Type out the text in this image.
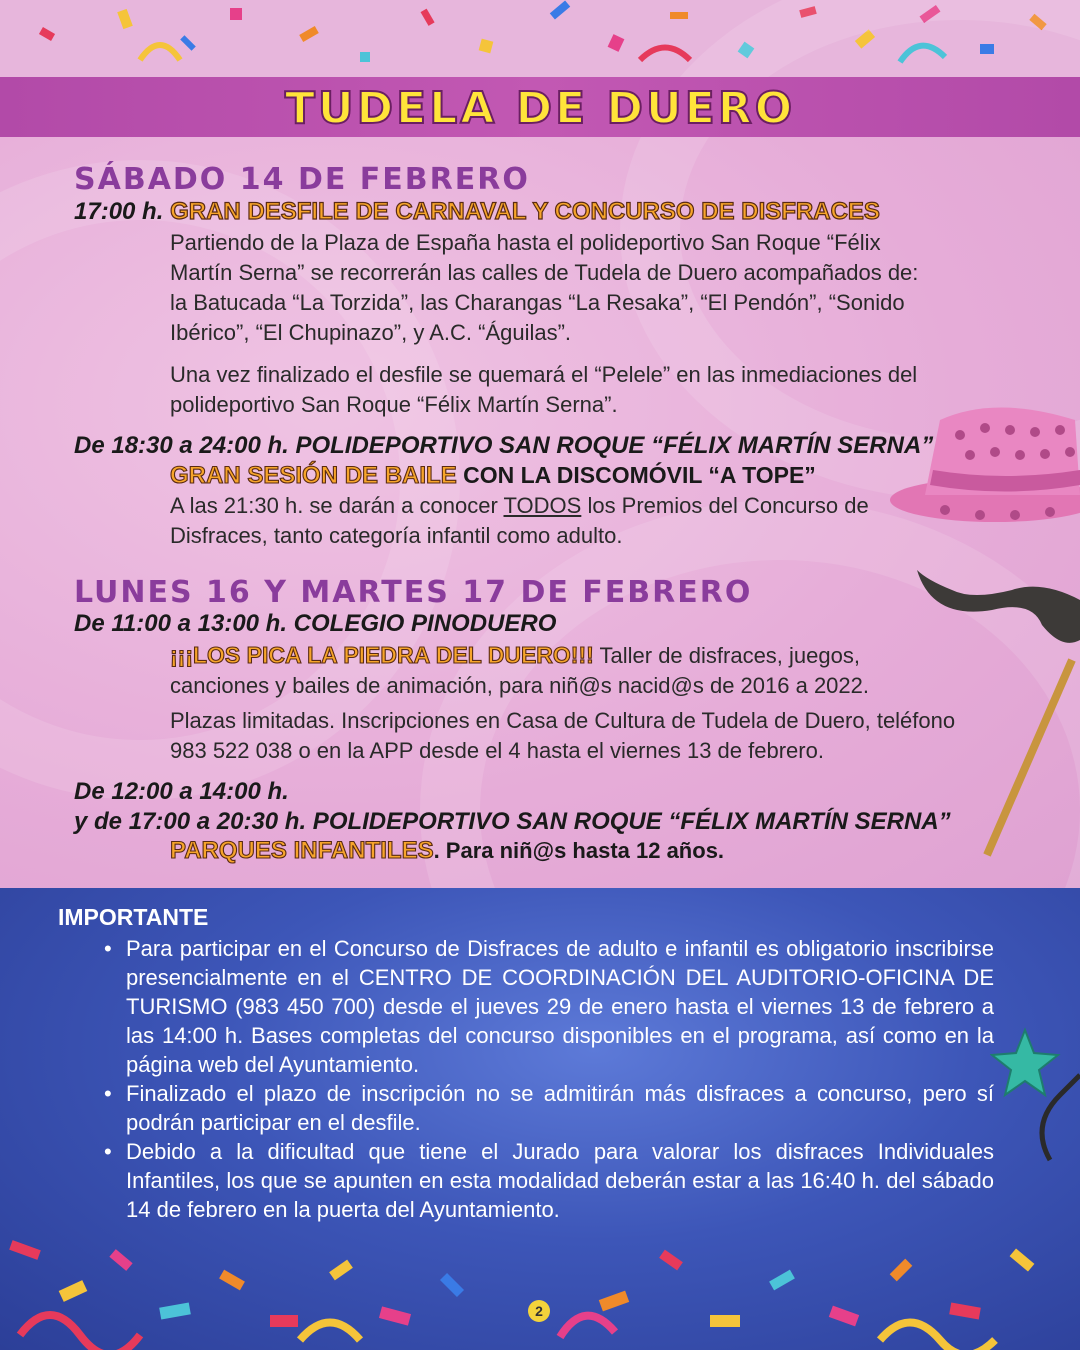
TUDELA DE DUERO
SÁBADO 14 DE FEBRERO
17:00 h. GRAN DESFILE DE CARNAVAL Y CONCURSO DE DISFRACES
Partiendo de la Plaza de España hasta el polideportivo San Roque “Félix
Martín Serna” se recorrerán las calles de Tudela de Duero acompañados de:
la Batucada “La Torzida”, las Charangas “La Resaka”, “El Pendón”, “Sonido
Ibérico”, “El Chupinazo”, y A.C. “Águilas”.
Una vez finalizado el desfile se quemará el “Pelele” en las inmediaciones del
polideportivo San Roque “Félix Martín Serna”.
De 18:30 a 24:00 h. POLIDEPORTIVO SAN ROQUE “FÉLIX MARTÍN SERNA”
GRAN SESIÓN DE BAILE CON LA DISCOMÓVIL “A TOPE”
A las 21:30 h. se darán a conocer TODOS los Premios del Concurso de
Disfraces, tanto categoría infantil como adulto.
LUNES 16 Y MARTES 17 DE FEBRERO
De 11:00 a 13:00 h. COLEGIO PINODUERO
¡¡¡LOS PICA LA PIEDRA DEL DUERO!!! Taller de disfraces, juegos,
canciones y bailes de animación, para niñ@s nacid@s de 2016 a 2022.
Plazas limitadas. Inscripciones en Casa de Cultura de Tudela de Duero, teléfono
983 522 038 o en la APP desde el 4 hasta el viernes 13 de febrero.
De 12:00 a 14:00 h.
y de 17:00 a 20:30 h. POLIDEPORTIVO SAN ROQUE “FÉLIX MARTÍN SERNA”
PARQUES INFANTILES. Para niñ@s hasta 12 años.
IMPORTANTE
• Para participar en el Concurso de Disfraces de adulto e infantil es obligatorio inscribirse presencialmente en el CENTRO DE COORDINACIÓN DEL AUDITORIO-OFICINA DE TURISMO (983 450 700) desde el jueves 29 de enero hasta el viernes 13 de febrero a las 14:00 h. Bases completas del concurso disponibles en el programa, así como en la página web del Ayuntamiento.
• Finalizado el plazo de inscripción no se admitirán más disfraces a concurso, pero sí podrán participar en el desfile.
• Debido a la dificultad que tiene el Jurado para valorar los disfraces Individuales Infantiles, los que se apunten en esta modalidad deberán estar a las 16:40 h. del sábado 14 de febrero en la puerta del Ayuntamiento.
2
